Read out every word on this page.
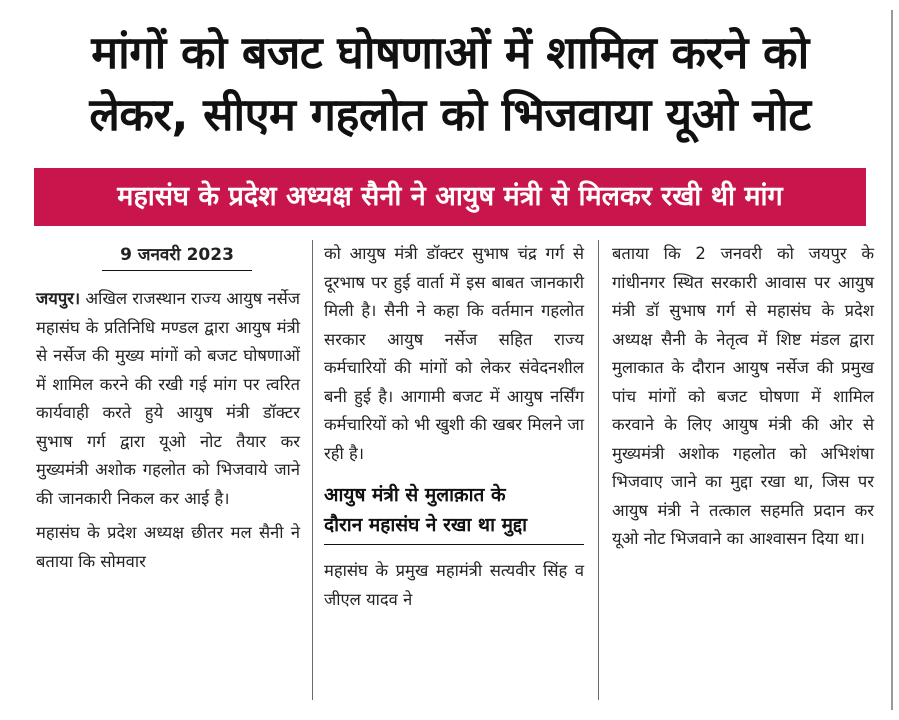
मांगों को बजट घोषणाओं में शामिल करने को
लेकर, सीएम गहलोत को भिजवाया यूओ नोट
महासंघ के प्रदेश अध्यक्ष सैनी ने आयुष मंत्री से मिलकर रखी थी मांग
9 जनवरी 2023

जयपुर। अखिल राजस्थान राज्य आयुष नर्सेज महासंघ के प्रतिनिधि मण्डल द्वारा आयुष मंत्री से नर्सेज की मुख्य मांगों को बजट घोषणाओं में शामिल करने की रखी गई मांग पर त्वरित कार्यवाही करते हुये आयुष मंत्री डॉक्टर सुभाष गर्ग द्वारा यूओ नोट तैयार कर मुख्यमंत्री अशोक गहलोत को भिजवाये जाने की जानकारी निकल कर आई है।

महासंघ के प्रदेश अध्यक्ष छीतर मल सैनी ने बताया कि सोमवार

को आयुष मंत्री डॉक्टर सुभाष चंद्र गर्ग से दूरभाष पर हुई वार्ता में इस बाबत जानकारी मिली है। सैनी ने कहा कि वर्तमान गहलोत सरकार आयुष नर्सेज सहित राज्य कर्मचारियों की मांगों को लेकर संवेदनशील बनी हुई है। आगामी बजट में आयुष नर्सिंग कर्मचारियों को भी खुशी की खबर मिलने जा रही है।

आयुष मंत्री से मुलाक़ात के
दौरान महासंघ ने रखा था मुद्दा

महासंघ के प्रमुख महामंत्री सत्यवीर सिंह व जीएल यादव ने

बताया कि 2 जनवरी को जयपुर के गांधीनगर स्थित सरकारी आवास पर आयुष मंत्री डॉ सुभाष गर्ग से महासंघ के प्रदेश अध्यक्ष सैनी के नेतृत्व में शिष्ट मंडल द्वारा मुलाकात के दौरान आयुष नर्सेज की प्रमुख पांच मांगों को बजट घोषणा में शामिल करवाने के लिए आयुष मंत्री की ओर से मुख्यमंत्री अशोक गहलोत को अभिशंषा भिजवाए जाने का मुद्दा रखा था, जिस पर आयुष मंत्री ने तत्काल सहमति प्रदान कर यूओ नोट भिजवाने का आश्वासन दिया था।
